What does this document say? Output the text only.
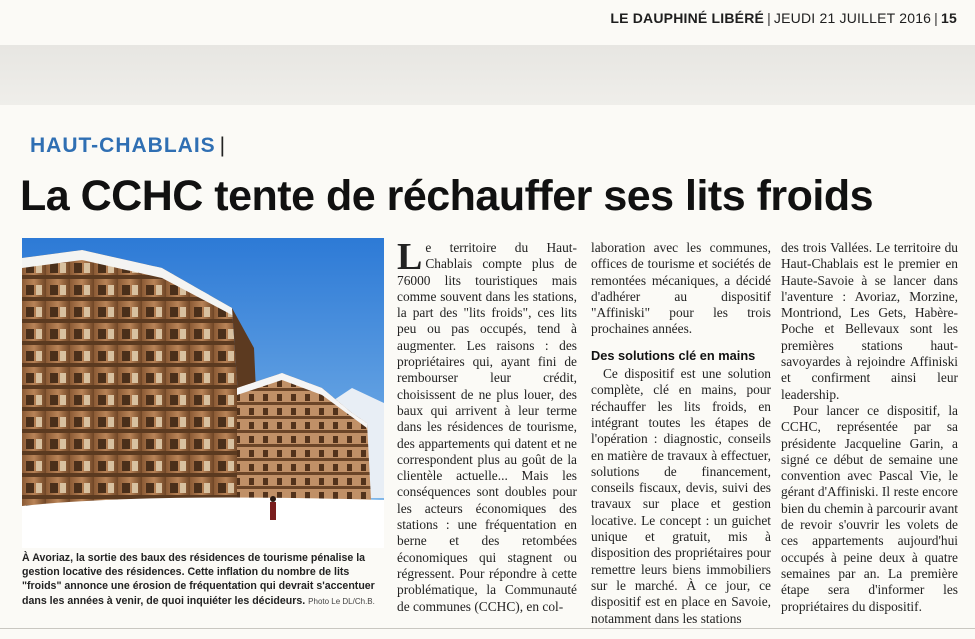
LE DAUPHINÉ LIBÉRÉ | JEUDI 21 JUILLET 2016 | 15
HAUT-CHABLAIS |
La CCHC tente de réchauffer ses lits froids
À Avoriaz, la sortie des baux des résidences de tourisme pénalise la gestion locative des résidences. Cette inflation du nombre de lits "froids" annonce une érosion de fréquentation qui devrait s'accentuer dans les années à venir, de quoi inquiéter les décideurs. Photo Le DL/Ch.B.
Le territoire du Haut-Chablais compte plus de 76000 lits touristiques mais comme souvent dans les stations, la part des "lits froids", ces lits peu ou pas occupés, tend à augmenter. Les raisons : des propriétaires qui, ayant fini de rembourser leur crédit, choisissent de ne plus louer, des baux qui arrivent à leur terme dans les résidences de tourisme, des appartements qui datent et ne correspondent plus au goût de la clientèle actuelle... Mais les conséquences sont doubles pour les acteurs économiques des stations : une fréquentation en berne et des retombées économiques qui stagnent ou régressent. Pour répondre à cette problématique, la Communauté de communes (CCHC), en col-

laboration avec les communes, offices de tourisme et sociétés de remontées mécaniques, a décidé d'adhérer au dispositif "Affiniski" pour les trois prochaines années.

Des solutions clé en mains

Ce dispositif est une solution complète, clé en mains, pour réchauffer les lits froids, en intégrant toutes les étapes de l'opération : diagnostic, conseils en matière de travaux à effectuer, solutions de financement, conseils fiscaux, devis, suivi des travaux sur place et gestion locative. Le concept : un guichet unique et gratuit, mis à disposition des propriétaires pour remettre leurs biens immobiliers sur le marché. À ce jour, ce dispositif est en place en Savoie, notamment dans les stations

des trois Vallées. Le territoire du Haut-Chablais est le premier en Haute-Savoie à se lancer dans l'aventure : Avoriaz, Morzine, Montriond, Les Gets, Habère-Poche et Bellevaux sont les premières stations haut-savoyardes à rejoindre Affiniski et confirment ainsi leur leadership.

Pour lancer ce dispositif, la CCHC, représentée par sa présidente Jacqueline Garin, a signé ce début de semaine une convention avec Pascal Vie, le gérant d'Affiniski. Il reste encore bien du chemin à parcourir avant de revoir s'ouvrir les volets de ces appartements aujourd'hui occupés à peine deux à quatre semaines par an. La première étape sera d'informer les propriétaires du dispositif.
